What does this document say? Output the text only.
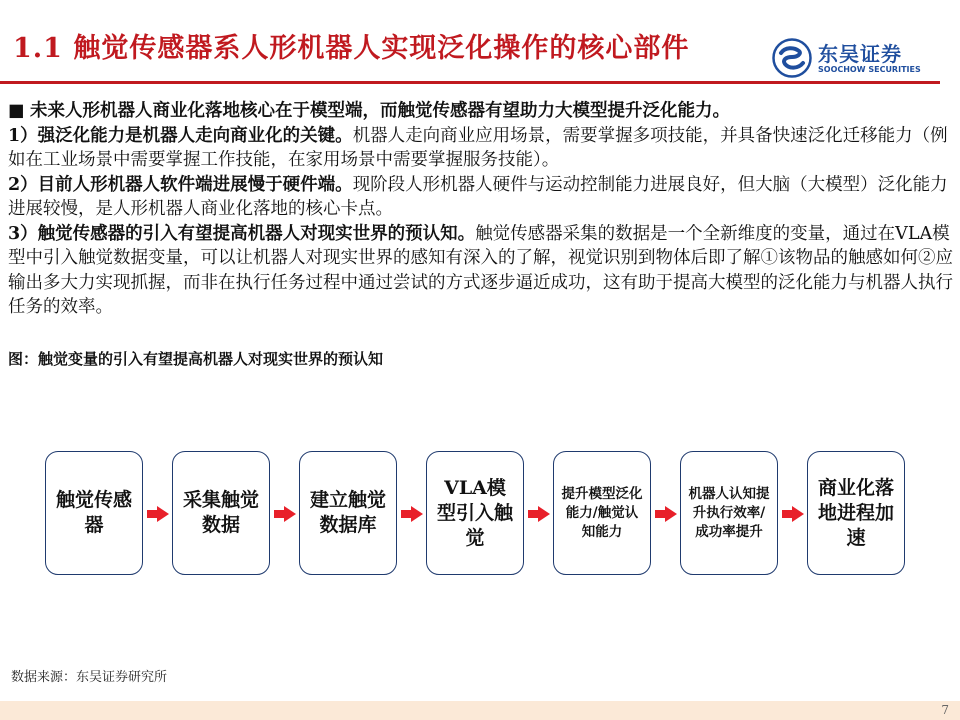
1.1 触觉传感器系人形机器人实现泛化操作的核心部件	东吴证券
SOOCHOW SECURITIES

■ 未来人形机器人商业化落地核心在于模型端，而触觉传感器有望助力大模型提升泛化能力。

1）强泛化能力是机器人走向商业化的关键。机器人走向商业应用场景，需要掌握多项技能，并具备快速泛化迁移能力（例如在工业场景中需要掌握工作技能，在家用场景中需要掌握服务技能）。

2）目前人形机器人软件端进展慢于硬件端。现阶段人形机器人硬件与运动控制能力进展良好，但大脑（大模型）泛化能力进展较慢，是人形机器人商业化落地的核心卡点。

3）触觉传感器的引入有望提高机器人对现实世界的预认知。触觉传感器采集的数据是一个全新维度的变量，通过在VLA模型中引入触觉数据变量，可以让机器人对现实世界的感知有深入的了解，视觉识别到物体后即了解①该物品的触感如何②应输出多大力实现抓握，而非在执行任务过程中通过尝试的方式逐步逼近成功，这有助于提高大模型的泛化能力与机器人执行任务的效率。

图：触觉变量的引入有望提高机器人对现实世界的预认知
触觉传感器
采集触觉数据
建立触觉数据库
VLA模型引入触觉
提升模型泛化能力/触觉认知能力
机器人认知提升执行效率/成功率提升
商业化落地进程加速
数据来源：东吴证券研究所
7
